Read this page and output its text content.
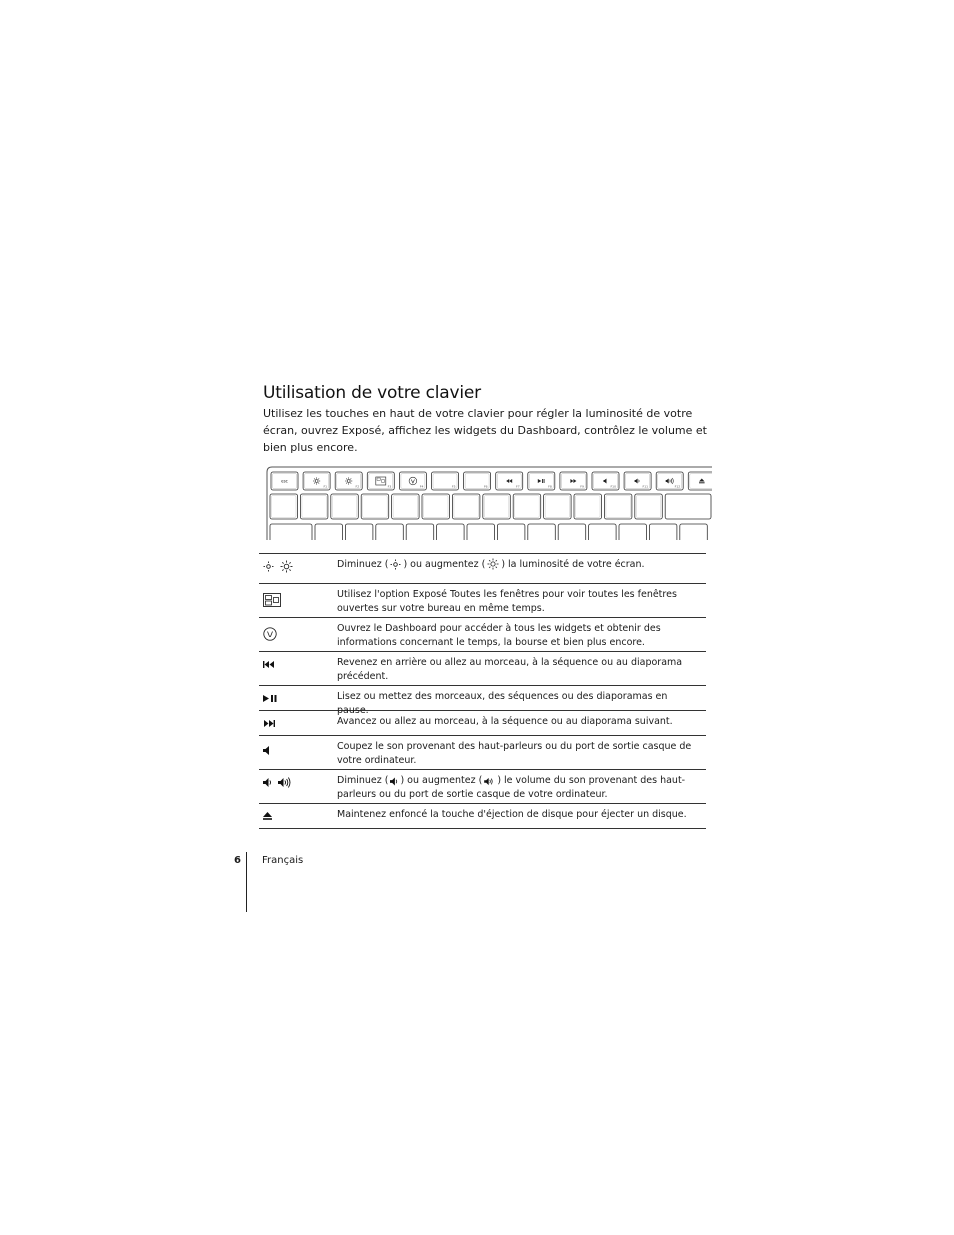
Utilisation de votre clavier

Utilisez les touches en haut de votre clavier pour régler la luminosité de votre écran, ouvrez Exposé, affichez les widgets du Dashboard, contrôlez le volume et bien plus encore.

esc
F1	F2	F3	F4	F5	F6	F7	F8	F9	F10	F11	F12
Diminuez ( ) ou augmentez ( ) la luminosité de votre écran.
Utilisez l'option Exposé Toutes les fenêtres pour voir toutes les fenêtres ouvertes sur votre bureau en même temps.
Ouvrez le Dashboard pour accéder à tous les widgets et obtenir des informations concernant le temps, la bourse et bien plus encore.
Revenez en arrière ou allez au morceau, à la séquence ou au diaporama précédent.
Lisez ou mettez des morceaux, des séquences ou des diaporamas en pause.
Avancez ou allez au morceau, à la séquence ou au diaporama suivant.
Coupez le son provenant des haut-parleurs ou du port de sortie casque de votre ordinateur.
Diminuez ( ) ou augmentez ( ) le volume du son provenant des haut-parleurs ou du port de sortie casque de votre ordinateur.
Maintenez enfoncé la touche d'éjection de disque pour éjecter un disque.
6 Français
